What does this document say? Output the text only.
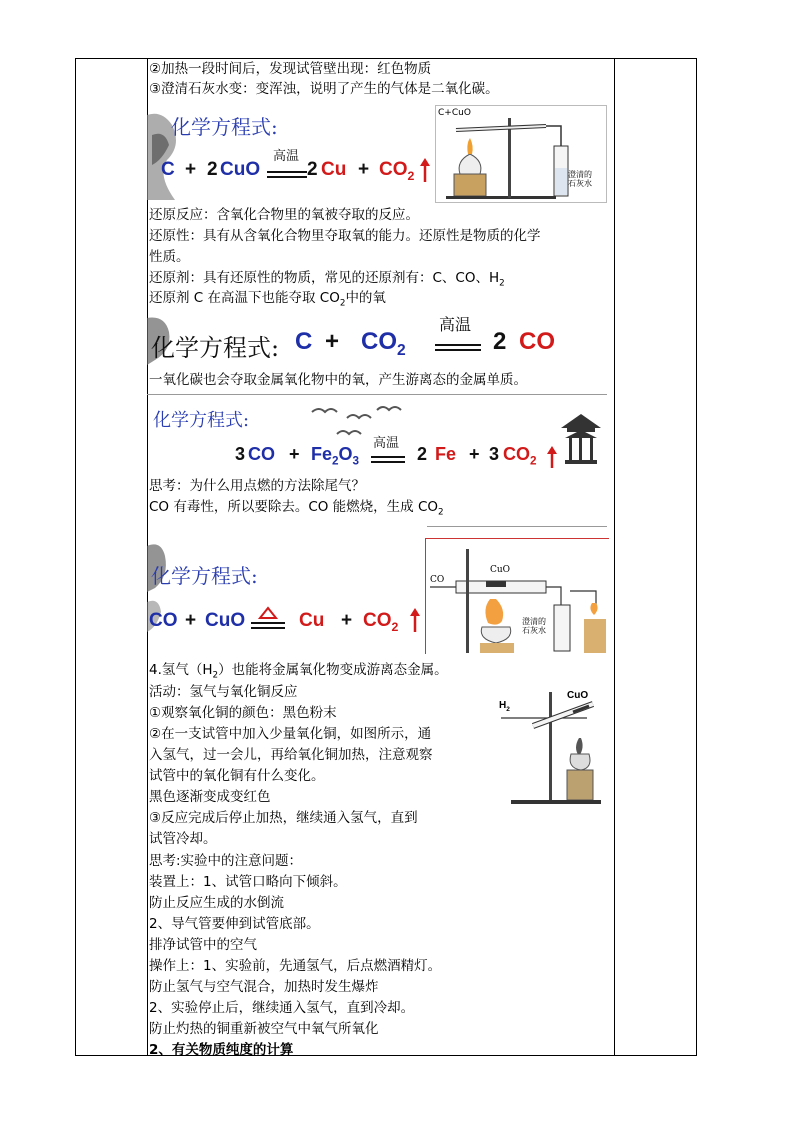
②加热一段时间后，发现试管壁出现：红色物质
③澄清石灰水变：变浑浊，说明了产生的气体是二氧化碳。
化学方程式:
C + 2 CuO
高温
2 $Cu + CO_2$
C+CuO
澄清的
石灰水
还原反应：含氧化合物里的氧被夺取的反应。
还原性：具有从含氧化合物里夺取氧的能力。还原性是物质的化学
性质。
还原剂：具有还原性的物质，常见的还原剂有：C、CO、$H_2$
还原剂 C 在高温下也能夺取 $CO_2$中的氧
化学方程式: $C + CO_2$
高温
2 CO
一氧化碳也会夺取金属氧化物中的氧，产生游离态的金属单质。
化学方程式:
3 CO + $Fe_2O_3$
高温
2 Fe + 3 $CO_2$
思考：为什么用点燃的方法除尾气？
CO 有毒性，所以要除去。CO 能燃烧，生成 $CO_2$
化学方程式:
CO + CuO	$Cu + CO_2$
CO
CuO
澄清的
石灰水
4.氢气$(H_2)$也能将金属氧化物变成游离态金属。
活动：氢气与氧化铜反应
①观察氧化铜的颜色：黑色粉末
②在一支试管中加入少量氧化铜，如图所示，通
入氢气，过一会儿，再给氧化铜加热，注意观察
试管中的氧化铜有什么变化。
黑色逐渐变成变红色
③反应完成后停止加热，继续通入氢气，直到
试管冷却。
$H_2$
CuO
思考:实验中的注意问题：
装置上：1、试管口略向下倾斜。
防止反应生成的水倒流
2、导气管要伸到试管底部。
排净试管中的空气
操作上：1、实验前，先通氢气，后点燃酒精灯。
防止氢气与空气混合，加热时发生爆炸
2、实验停止后，继续通入氢气，直到冷却。
防止灼热的铜重新被空气中氧气所氧化
2、有关物质纯度的计算
